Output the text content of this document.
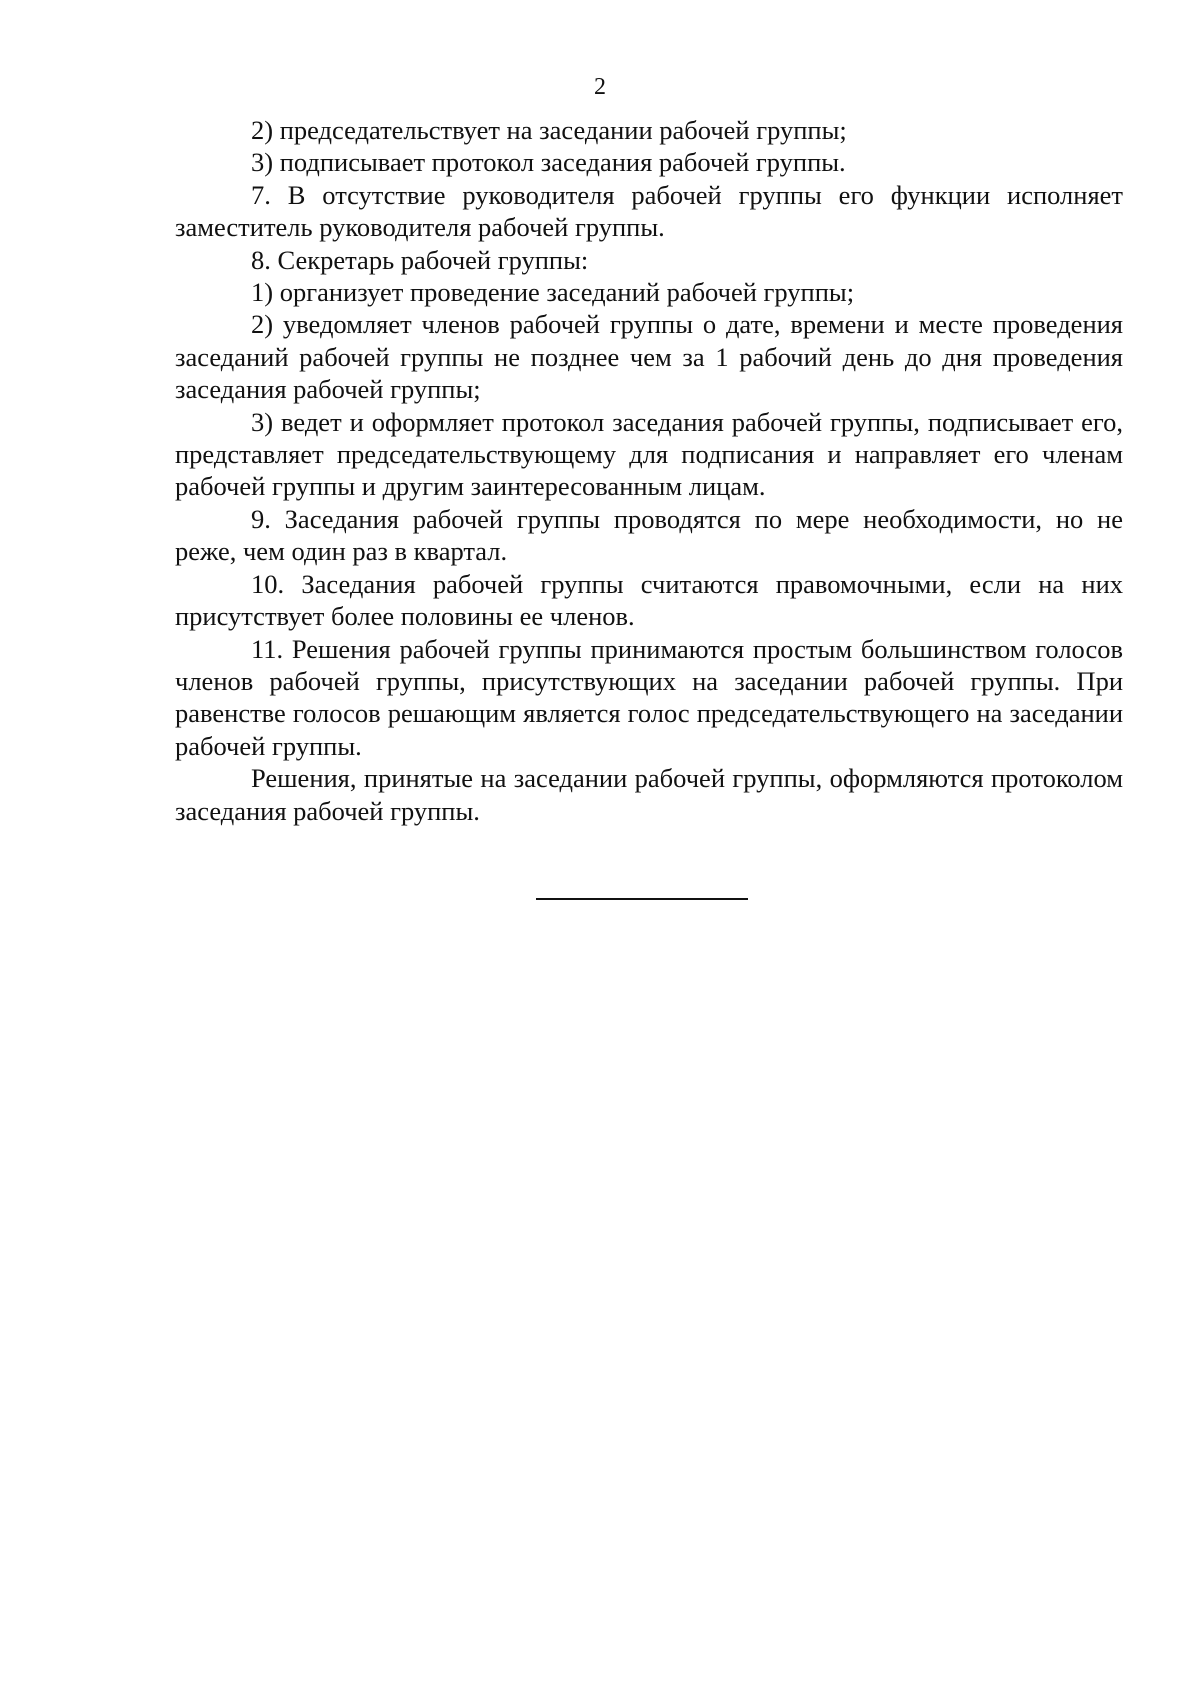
2

2) председательствует на заседании рабочей группы;

3) подписывает протокол заседания рабочей группы.

7. В отсутствие руководителя рабочей группы его функции исполняет заместитель руководителя рабочей группы.

8. Секретарь рабочей группы:

1) организует проведение заседаний рабочей группы;

2) уведомляет членов рабочей группы о дате, времени и месте проведения заседаний рабочей группы не позднее чем за 1 рабочий день до дня проведения заседания рабочей группы;

3) ведет и оформляет протокол заседания рабочей группы, подписывает его, представляет председательствующему для подписания и направляет его членам рабочей группы и другим заинтересованным лицам.

9. Заседания рабочей группы проводятся по мере необходимости, но не реже, чем один раз в квартал.

10. Заседания рабочей группы считаются правомочными, если на них присутствует более половины ее членов.

11. Решения рабочей группы принимаются простым большинством голосов членов рабочей группы, присутствующих на заседании рабочей группы. При равенстве голосов решающим является голос председательствующего на заседании рабочей группы.

Решения, принятые на заседании рабочей группы, оформляются протоколом заседания рабочей группы.
